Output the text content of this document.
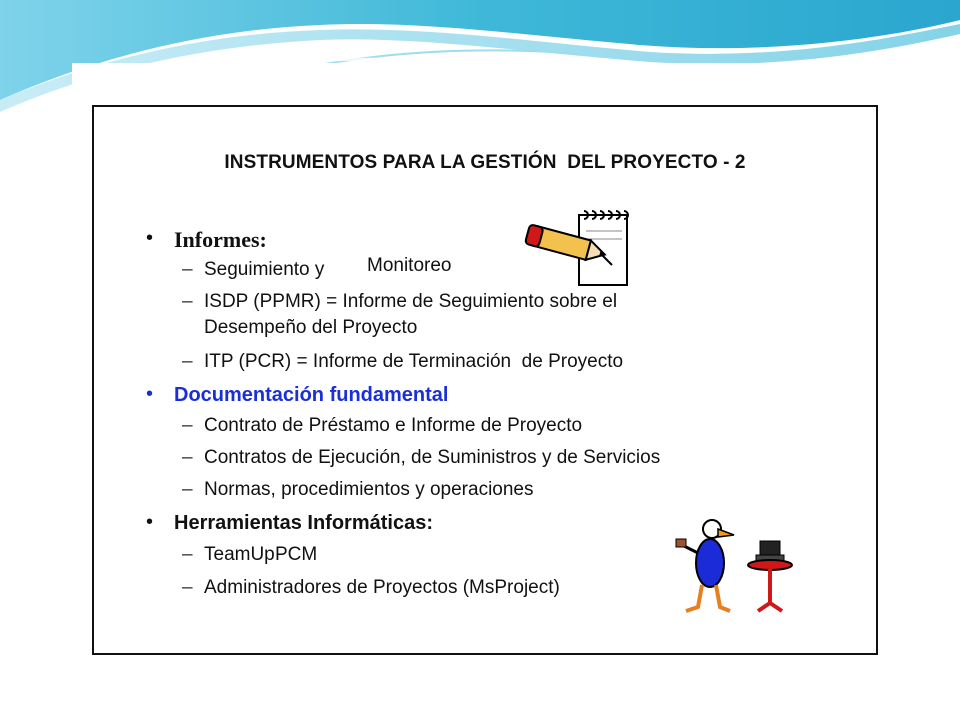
INSTRUMENTOS PARA LA GESTIÓN  DEL PROYECTO - 2
• Informes:
– Seguimiento y Monitoreo
– ISDP (PPMR) = Informe de Seguimiento sobre el
Desempeño del Proyecto
– ITP (PCR) = Informe de Terminación  de Proyecto
• Documentación fundamental
– Contrato de Préstamo e Informe de Proyecto
– Contratos de Ejecución, de Suministros y de Servicios
– Normas, procedimientos y operaciones
• Herramientas Informáticas:
– TeamUp PCM
– Administradores de Proyectos (MsProject)
